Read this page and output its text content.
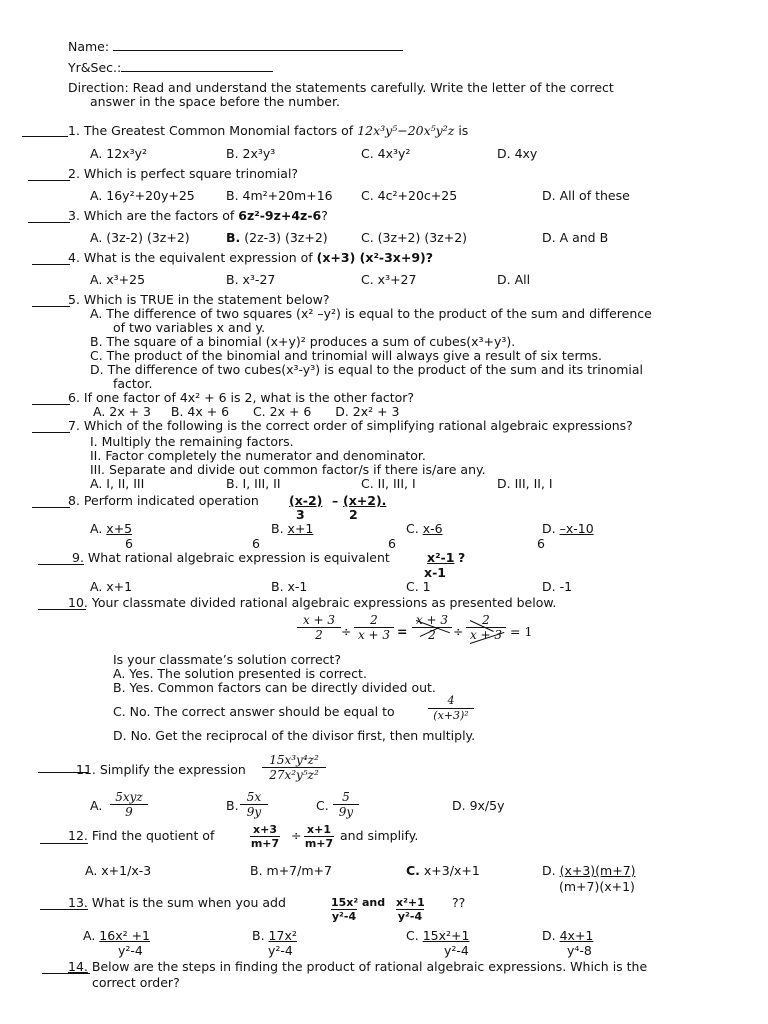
Name:
Yr&Sec.:
Direction: Read and understand the statements carefully. Write the letter of the correct
answer in the space before the number.
1. The Greatest Common Monomial factors of 12x³y⁵−20x⁵y²z is
A. 12x³y²	B. 2x³y³	C. 4x³y²	D. 4xy
2. Which is perfect square trinomial?
A. 16y²+20y+25	B. 4m²+20m+16 C. 4c²+20c+25	D. All of these
3. Which are the factors of 6z²-9z+4z-6?
A. (3z-2) (3z+2)	B. (2z-3) (3z+2)	C. (3z+2) (3z+2)	D. A and B
4. What is the equivalent expression of (x+3) (x²-3x+9)?
A. x³+25	B. x³-27	C. x³+27	D. All
5. Which is TRUE in the statement below?
A. The difference of two squares (x² –y²) is equal to the product of the sum and difference
of two variables x and y.
B. The square of a binomial (x+y)² produces a sum of cubes(x³+y³).
C. The product of the binomial and trinomial will always give a result of six terms.
D. The difference of two cubes(x³-y³) is equal to the product of the sum and its trinomial
factor.
6. If one factor of 4x² + 6 is 2, what is the other factor?
A. 2x + 3     B. 4x + 6      C. 2x + 6      D. 2x² + 3
7. Which of the following is the correct order of simplifying rational algebraic expressions?
I. Multiply the remaining factors.
II. Factor completely the numerator and denominator.
III. Separate and divide out common factor/s if there is/are any.
A. I, II, III	B. I, III, II	C. II, III, I	D. III, II, I
8. Perform indicated operation (x-2)
3
– (x+2).
2
A. x+5
6
B. x+1
6
C. x-6
6
D. –x-10
6
9. What rational algebraic expression is equivalent	x²-1 ?
x-1
A. x+1	B. x-1	C. 1	D. -1
10. Your classmate divided rational algebraic expressions as presented below.
$\frac{x + 3}{2} \div \frac{2}{x + 3} = \frac{x + 3}{2} \div \frac{2}{x + 3} = 1$
Is your classmate’s solution correct?
A. Yes. The solution presented is correct.
B. Yes. Common factors can be directly divided out.
C. No. The correct answer should be equal to	$\frac{4}{\text{(x+3)²}}$
D. No. Get the reciprocal of the divisor first, then multiply.
11. Simplify the expression $\frac{\text{15x³y⁴z²}}{\text{27x²y⁵z²}}$
A.
5xyz
9	B. $\frac{5x}{9y}$	C. $\frac{5}{9y}$	D. 9x/5y
12. Find the quotient of	x+3
m+7
÷ x+1
m+7
and simplify.
A. x+1/x-3	B. m+7/m+7	C. x+3/x+1	D. (x+3)(m+7)
(m+7)(x+1)
13. What is the sum when you add	15x²
y²-4
and x²+1
y²-4
??
A. 16x² +1
y²-4
B. 17x²
y²-4
C. 15x²+1
y²-4
D. 4x+1
y⁴-8
14. Below are the steps in finding the product of rational algebraic expressions. Which is the
correct order?
